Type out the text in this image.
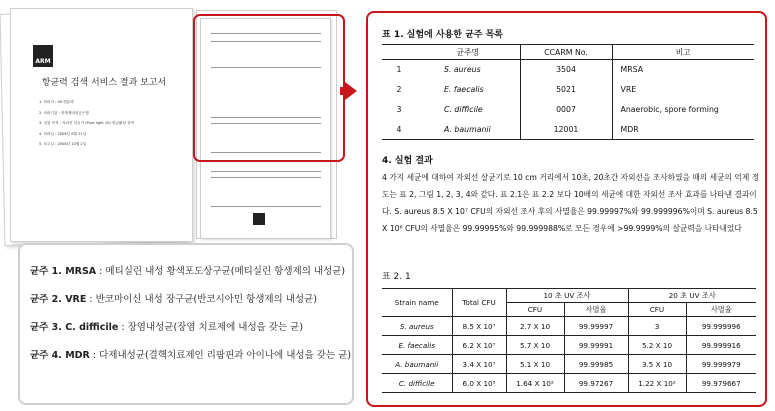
ARM
항균력 검색 서비스 결과 보고서
1. 의뢰자 : 00 엔유텍
2. 의뢰기관 : 항생제내성균은행
3. 실험 목적 : 자외선 살균기 (Pure light 10) 항균활성 검색
4. 의뢰일 : 2008년 8월 21일
5. 보고일 : 2008년 10월 2일
균주 1. MRSA : 메티실린 내성 황색포도상구균(메티실린 항생제의 내성균)
균주 2. VRE : 반코마이신 내성 장구균(반코시아민 항생제의 내성균)
균주 3. C. difficile : 장염내성균(장염 치료제에 내성을 갖는 균)
균주 4. MDR : 다제내성균(결핵치료제인 리팜핀과 아이나에 내성을 갖는 균)
표 1. 실험에 사용한 균주 목록
	균주명	CCARM No.	비고
1	S. aureus	3504	MRSA
2	E. faecalis	5021	VRE
3	C. difficile	0007	Anaerobic, spore forming
4	A. baumanii	12001	MDR
4. 실험 결과
4 가지 세균에 대하여 자외선 살균기로 10 cm 거리에서 10초, 20초간 자외선을 조사하였을 때의 세균의 억제 정도는 표 2, 그림 1, 2, 3, 4와 같다. 표 2.1은 표 2.2 보다 10배의 세균에 대한 자외선 조사 효과를 나타낸 결과이다. S. aureus 8.5 X 10⁷ CFU의 자외선 조사 후의 사멸율은 99.99997%와 99.999996%이며 S. aureus 8.5 X 10⁶ CFU의 사멸율은 99.99995%와 99.999988%로 모든 경우에 >99.9999%의 살균력을 나타내었다
표 2. 1
Strain name	Total CFU	10 초 UV 조사		20 초 UV 조사	
		CFU	사멸율	CFU	사멸율
S. aureus	8.5 X 10⁷	2.7 X 10	99.99997	3	99.999996
E. faecalis	6.2 X 10⁷	5.7 X 10	99.99991	5.2 X 10	99.999916
A. baumanii	3.4 X 10⁷	5.1 X 10	99.99985	3.5 X 10	99.999979
C. difficile	6.0 X 10⁵	1.64 X 10²	99.97267	1.22 X 10²	99.979667
